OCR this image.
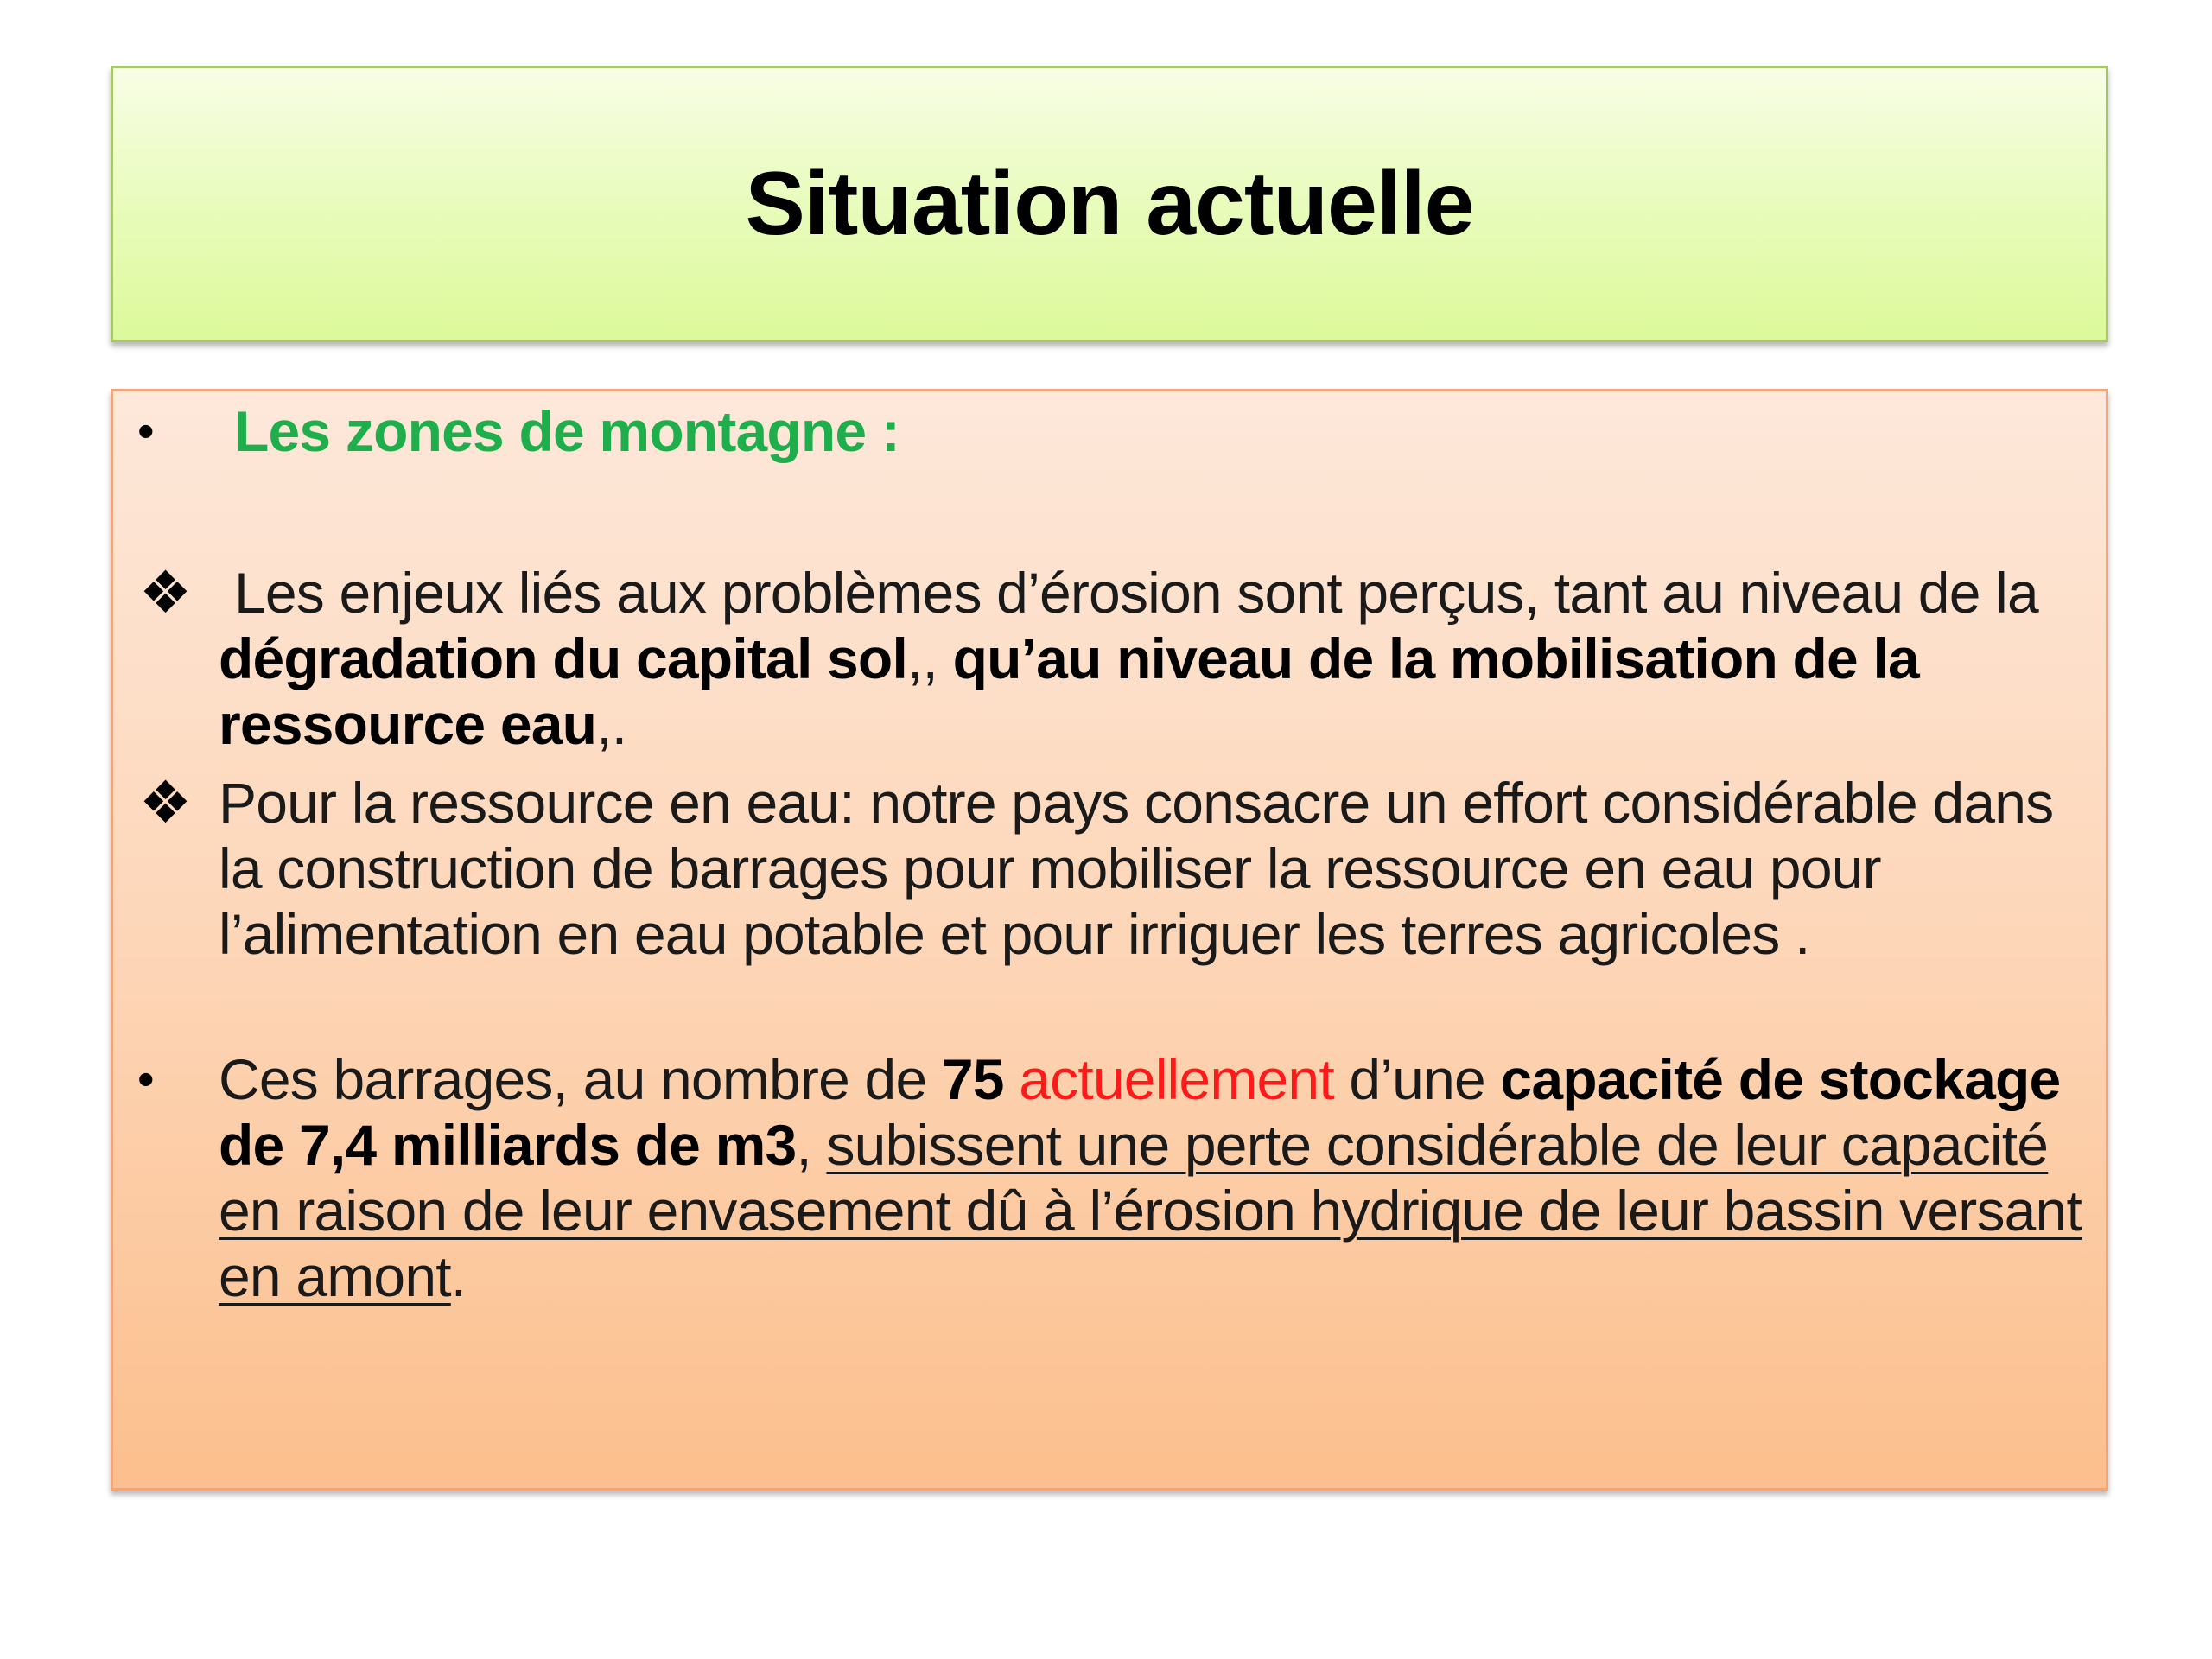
Situation actuelle
• Les zones de montagne :
❖ Les enjeux liés aux problèmes d’érosion sont perçus, tant au niveau de la dégradation du capital sol,, qu’au niveau de la mobilisation de la ressource eau,.
❖ Pour la ressource en eau: notre pays consacre un effort considérable dans la construction de barrages pour mobiliser la ressource en eau pour l’alimentation en eau potable et pour irriguer les terres agricoles .
• Ces barrages, au nombre de 75 actuellement d’une capacité de stockage de 7,4 milliards de m3, subissent une perte considérable de leur capacité en raison de leur envasement dû à l’érosion hydrique de leur bassin versant en amont.
